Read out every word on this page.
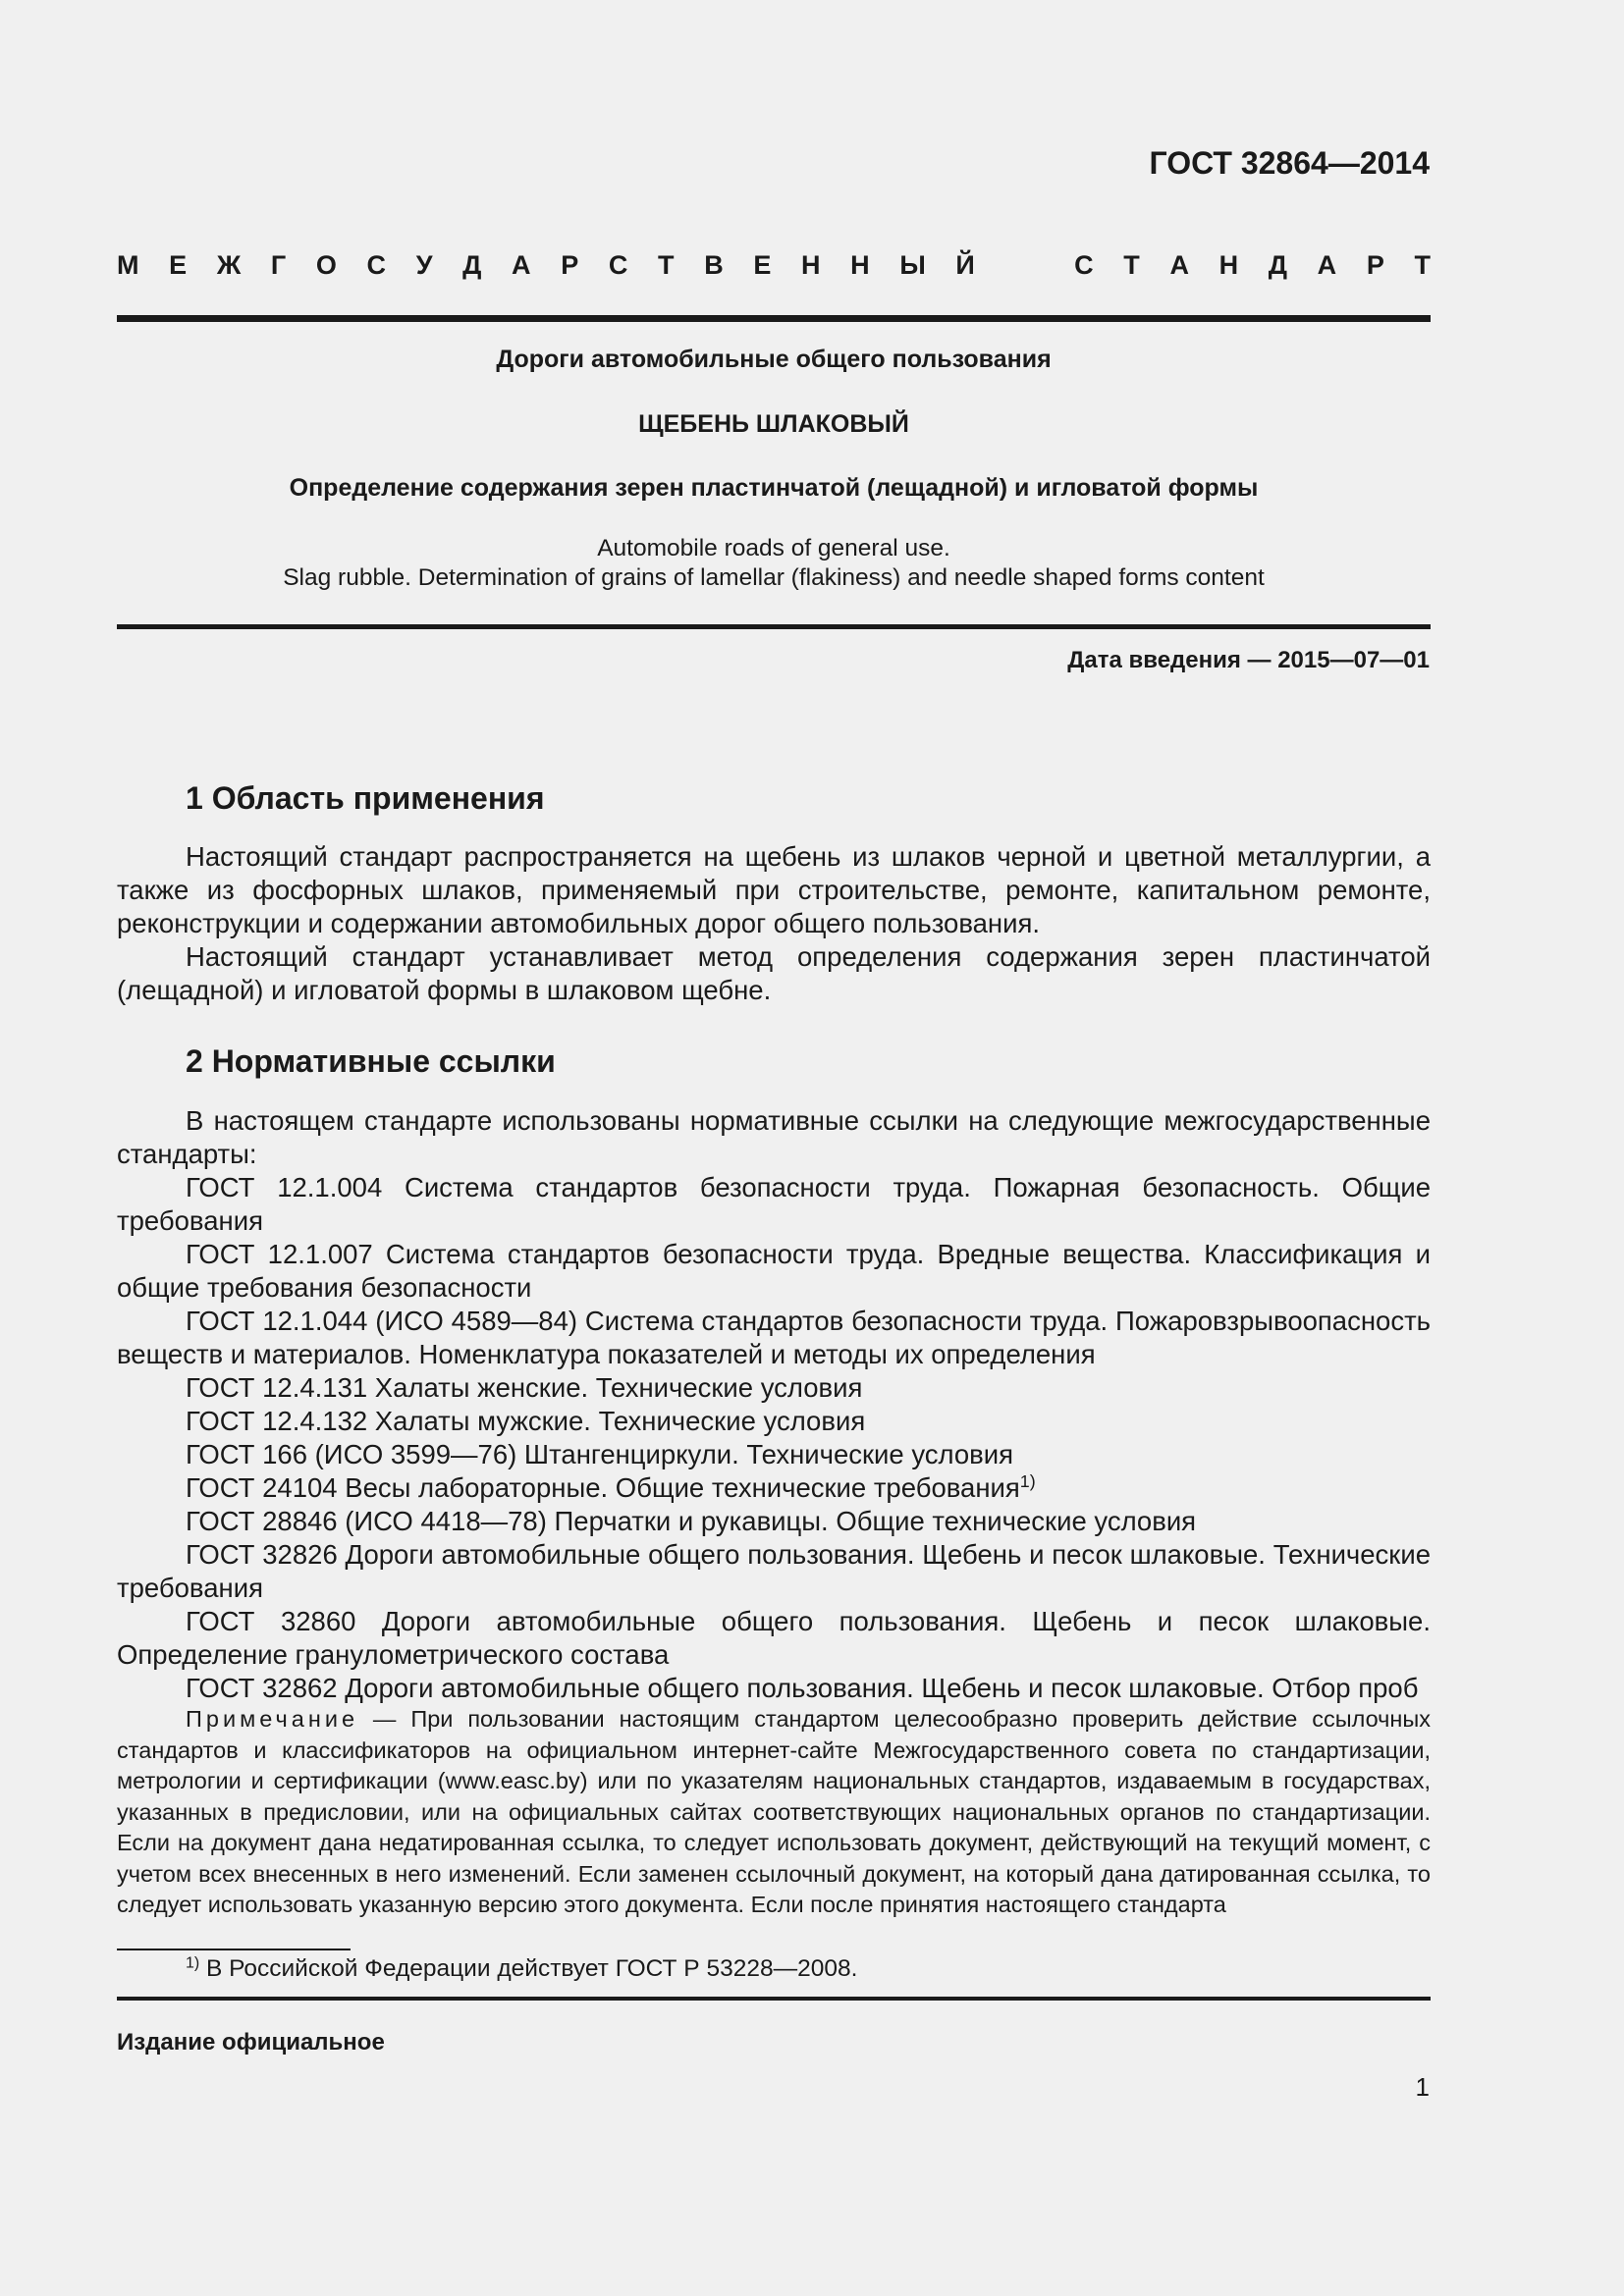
ГОСТ 32864—2014
М Е Ж Г О С У Д А Р С Т В Е Н Н Ы Й	С Т А Н Д А Р Т
Дороги автомобильные общего пользования
ЩЕБЕНЬ ШЛАКОВЫЙ
Определение содержания зерен пластинчатой (лещадной) и игловатой формы
Automobile roads of general use.
Slag rubble. Determination of grains of lamellar (flakiness) and needle shaped forms content
Дата введения — 2015—07—01
1 Область применения

Настоящий стандарт распространяется на щебень из шлаков черной и цветной металлургии, а также из фосфорных шлаков, применяемый при строительстве, ремонте, капитальном ремонте, реконструкции и содержании автомобильных дорог общего пользования.

Настоящий стандарт устанавливает метод определения содержания зерен пластинчатой (лещадной) и игловатой формы в шлаковом щебне.

2 Нормативные ссылки

В настоящем стандарте использованы нормативные ссылки на следующие межгосударственные стандарты:

ГОСТ 12.1.004 Система стандартов безопасности труда. Пожарная безопасность. Общие требования

ГОСТ 12.1.007 Система стандартов безопасности труда. Вредные вещества. Классификация и общие требования безопасности

ГОСТ 12.1.044 (ИСО 4589—84) Система стандартов безопасности труда. Пожаровзрывоопасность веществ и материалов. Номенклатура показателей и методы их определения

ГОСТ 12.4.131 Халаты женские. Технические условия

ГОСТ 12.4.132 Халаты мужские. Технические условия

ГОСТ 166 (ИСО 3599—76) Штангенциркули. Технические условия

ГОСТ 24104 Весы лабораторные. Общие технические требования$^{1)}$

ГОСТ 28846 (ИСО 4418—78) Перчатки и рукавицы. Общие технические условия

ГОСТ 32826 Дороги автомобильные общего пользования. Щебень и песок шлаковые. Технические требования

ГОСТ 32860 Дороги автомобильные общего пользования. Щебень и песок шлаковые. Определение гранулометрического состава

ГОСТ 32862 Дороги автомобильные общего пользования. Щебень и песок шлаковые. Отбор проб

Примечание — При пользовании настоящим стандартом целесообразно проверить действие ссылочных стандартов и классификаторов на официальном интернет-сайте Межгосударственного совета по стандартизации, метрологии и сертификации (www.easc.by) или по указателям национальных стандартов, издаваемым в государствах, указанных в предисловии, или на официальных сайтах соответствующих национальных органов по стандартизации. Если на документ дана недатированная ссылка, то следует использовать документ, действующий на текущий момент, с учетом всех внесенных в него изменений. Если заменен ссылочный документ, на который дана датированная ссылка, то следует использовать указанную версию этого документа. Если после принятия настоящего стандарта

$^{1)}$ В Российской Федерации действует ГОСТ Р 53228—2008.
Издание официальное
1
